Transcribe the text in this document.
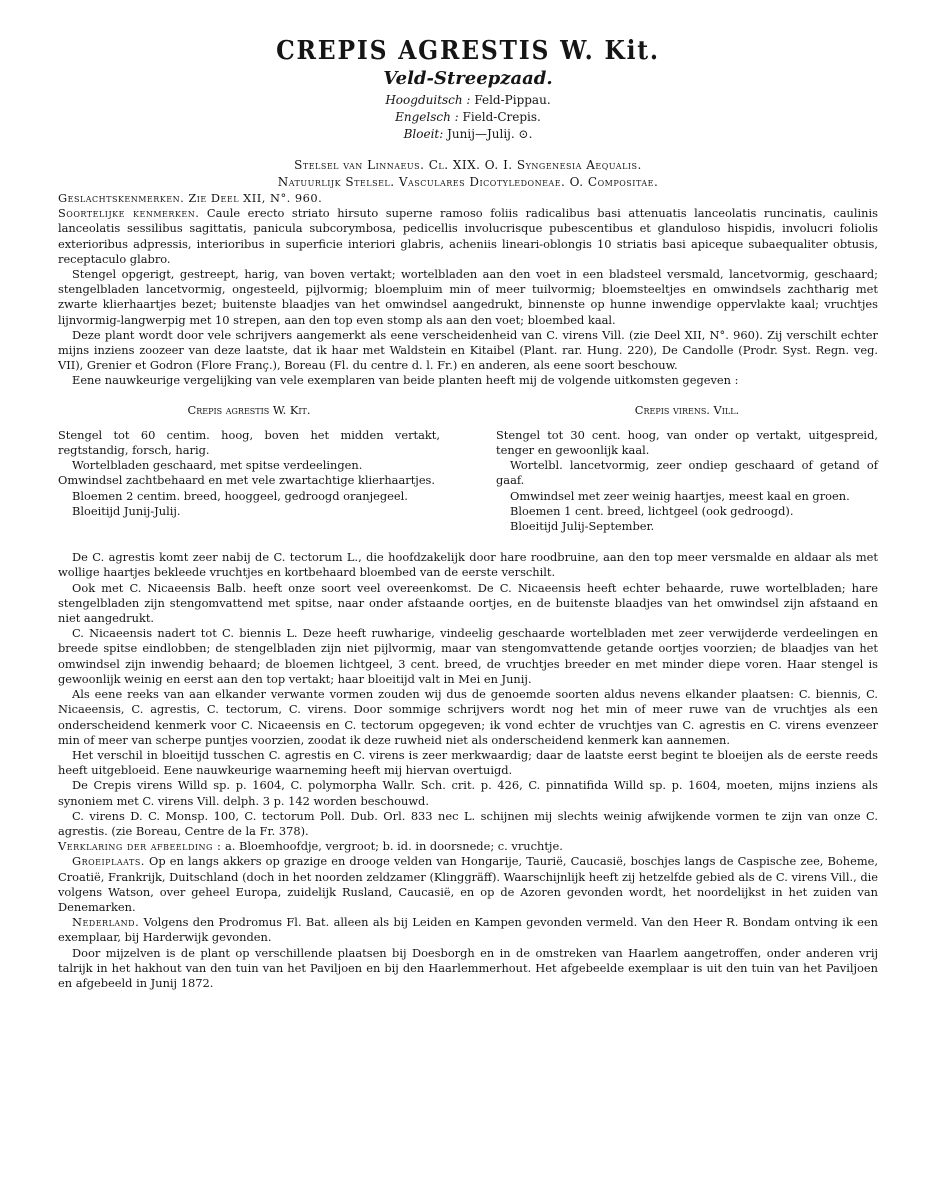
CREPIS AGRESTIS W. Kit.
Veld-Streepzaad.
Hoogduitsch : Feld-Pippau.
Engelsch : Field-Crepis.
Bloeit: Junij—Julij. ⊙.
Stelsel van Linnaeus. Cl. XIX. O. I. Syngenesia Aequalis.
Natuurlijk Stelsel. Vasculares Dicotyledoneae. O. Compositae.

Geslachtskenmerken. Zie Deel XII, N°. 960.

Soortelijke kenmerken. Caule erecto striato hirsuto superne ramoso foliis radicalibus basi attenuatis lanceolatis runcinatis, caulinis lanceolatis sessilibus sagittatis, panicula subcorymbosa, pedicellis involucrisque pubescentibus et glanduloso hispidis, involucri foliolis exterioribus adpressis, interioribus in superficie interiori glabris, acheniis lineari-oblongis 10 striatis basi apiceque subaequaliter obtusis, receptaculo glabro.

Stengel opgerigt, gestreept, harig, van boven vertakt; wortelbladen aan den voet in een bladsteel versmald, lancetvormig, geschaard; stengelbladen lancetvormig, ongesteeld, pijlvormig; bloempluim min of meer tuilvormig; bloemsteeltjes en omwindsels zachtharig met zwarte klierhaartjes bezet; buitenste blaadjes van het omwindsel aangedrukt, binnenste op hunne inwendige oppervlakte kaal; vruchtjes lijnvormig-langwerpig met 10 strepen, aan den top even stomp als aan den voet; bloembed kaal.

Deze plant wordt door vele schrijvers aangemerkt als eene verscheidenheid van C. virens Vill. (zie Deel XII, N°. 960). Zij verschilt echter mijns inziens zoozeer van deze laatste, dat ik haar met Waldstein en Kitaibel (Plant. rar. Hung. 220), De Candolle (Prodr. Syst. Regn. veg. VII), Grenier et Godron (Flore Franç.), Boreau (Fl. du centre d. l. Fr.) en anderen, als eene soort beschouw.

Eene nauwkeurige vergelijking van vele exemplaren van beide planten heeft mij de volgende uitkomsten gegeven :

Crepis agrestis W. Kit.
Stengel tot 60 centim. hoog, boven het midden vertakt, regtstandig, forsch, harig.
Wortelbladen geschaard, met spitse verdeelingen.
Omwindsel zachtbehaard en met vele zwartachtige klierhaartjes.
Bloemen 2 centim. breed, hooggeel, gedroogd oranjegeel.
Bloeitijd Junij-Julij.
Crepis virens. Vill.
Stengel tot 30 cent. hoog, van onder op vertakt, uitgespreid, tenger en gewoonlijk kaal.
Wortelbl. lancetvormig, zeer ondiep geschaard of getand of gaaf.
Omwindsel met zeer weinig haartjes, meest kaal en groen.
Bloemen 1 cent. breed, lichtgeel (ook gedroogd).
Bloeitijd Julij-September.

De C. agrestis komt zeer nabij de C. tectorum L., die hoofdzakelijk door hare roodbruine, aan den top meer versmalde en aldaar als met wollige haartjes bekleede vruchtjes en kortbehaard bloembed van de eerste verschilt.

Ook met C. Nicaeensis Balb. heeft onze soort veel overeenkomst. De C. Nicaeensis heeft echter behaarde, ruwe wortelbladen; hare stengelbladen zijn stengomvattend met spitse, naar onder afstaande oortjes, en de buitenste blaadjes van het omwindsel zijn afstaand en niet aangedrukt.

C. Nicaeensis nadert tot C. biennis L. Deze heeft ruwharige, vindeelig geschaarde wortelbladen met zeer verwijderde verdeelingen en breede spitse eindlobben; de stengelbladen zijn niet pijlvormig, maar van stengomvattende getande oortjes voorzien; de blaadjes van het omwindsel zijn inwendig behaard; de bloemen lichtgeel, 3 cent. breed, de vruchtjes breeder en met minder diepe voren. Haar stengel is gewoonlijk weinig en eerst aan den top vertakt; haar bloeitijd valt in Mei en Junij.

Als eene reeks van aan elkander verwante vormen zouden wij dus de genoemde soorten aldus nevens elkander plaatsen: C. biennis, C. Nicaeensis, C. agrestis, C. tectorum, C. virens. Door sommige schrijvers wordt nog het min of meer ruwe van de vruchtjes als een onderscheidend kenmerk voor C. Nicaeensis en C. tectorum opgegeven; ik vond echter de vruchtjes van C. agrestis en C. virens evenzeer min of meer van scherpe puntjes voorzien, zoodat ik deze ruwheid niet als onderscheidend kenmerk kan aannemen.

Het verschil in bloeitijd tusschen C. agrestis en C. virens is zeer merkwaardig; daar de laatste eerst begint te bloeijen als de eerste reeds heeft uitgebloeid. Eene nauwkeurige waarneming heeft mij hiervan overtuigd.

De Crepis virens Willd sp. p. 1604, C. polymorpha Wallr. Sch. crit. p. 426, C. pinnatifida Willd sp. p. 1604, moeten, mijns inziens als synoniem met C. virens Vill. delph. 3 p. 142 worden beschouwd.

C. virens D. C. Monsp. 100, C. tectorum Poll. Dub. Orl. 833 nec L. schijnen mij slechts weinig afwijkende vormen te zijn van onze C. agrestis. (zie Boreau, Centre de la Fr. 378).

Verklaring der afbeelding : a. Bloemhoofdje, vergroot; b. id. in doorsnede; c. vruchtje.

Groeiplaats. Op en langs akkers op grazige en drooge velden van Hongarije, Taurië, Caucasië, boschjes langs de Caspische zee, Boheme, Croatië, Frankrijk, Duitschland (doch in het noorden zeldzamer (Klinggräff). Waarschijnlijk heeft zij hetzelfde gebied als de C. virens Vill., die volgens Watson, over geheel Europa, zuidelijk Rusland, Caucasië, en op de Azoren gevonden wordt, het noordelijkst in het zuiden van Denemarken.

Nederland. Volgens den Prodromus Fl. Bat. alleen als bij Leiden en Kampen gevonden vermeld. Van den Heer R. Bondam ontving ik een exemplaar, bij Harderwijk gevonden.

Door mijzelven is de plant op verschillende plaatsen bij Doesborgh en in de omstreken van Haarlem aangetroffen, onder anderen vrij talrijk in het hakhout van den tuin van het Paviljoen en bij den Haarlemmerhout. Het afgebeelde exemplaar is uit den tuin van het Paviljoen en afgebeeld in Junij 1872.
